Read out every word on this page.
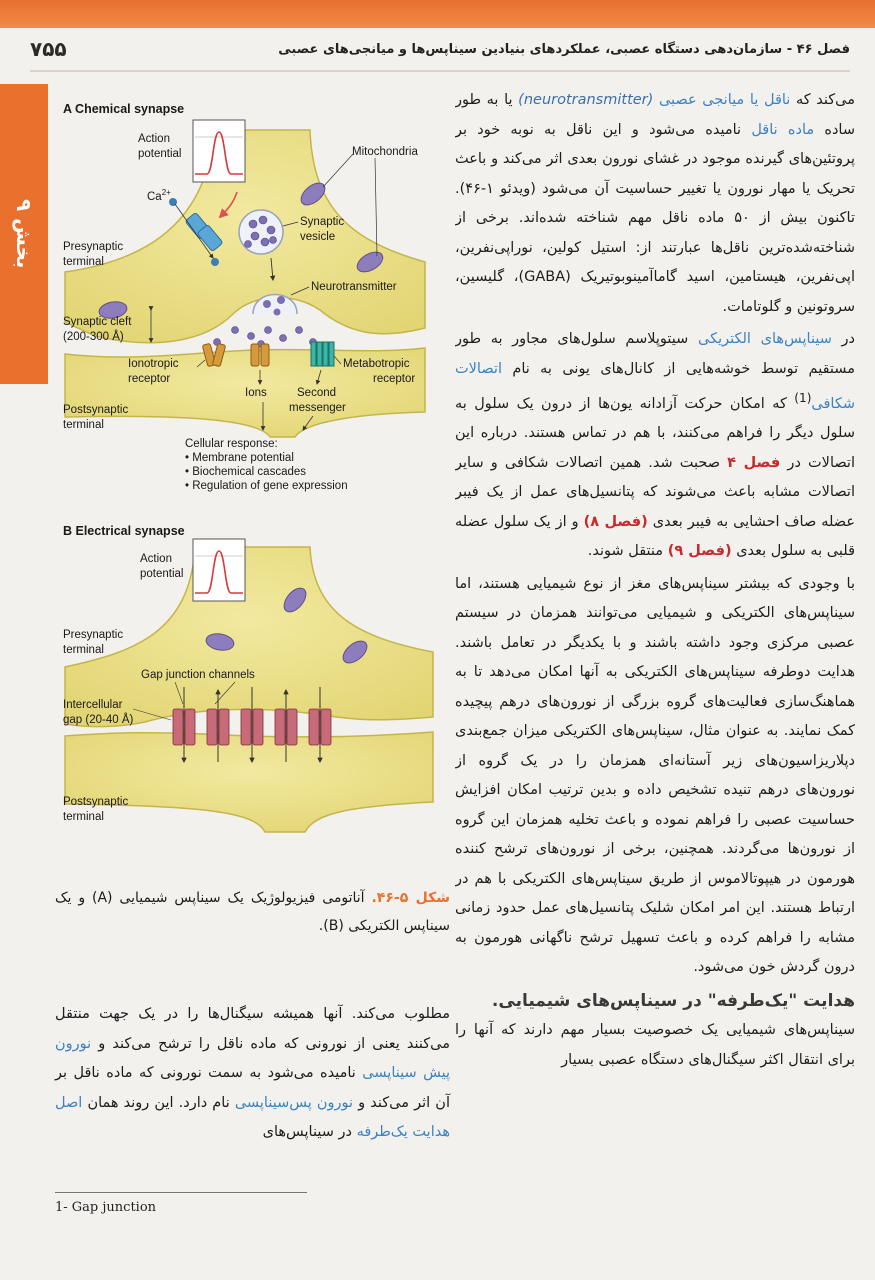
۷۵۵	فصل ۴۶ - سازمان‌دهی دستگاه عصبی، عملکردهای بنیادین سیناپس‌ها و میانجی‌های عصبی
بخش ۹
A Chemical synapse
Action
potential	Mitochondria
$Ca^{2+}$
Synaptic
vesicle
Neurotransmitter
Presynaptic
terminal
Synaptic cleft
(200-300 Å)
Ionotropic
receptor
Metabotropic
receptor
Ions	Second
messenger
Postsynaptic
terminal
Cellular response:
• Membrane potential
• Biochemical cascades
• Regulation of gene expression
B Electrical synapse
Action
potential
Presynaptic
terminal
Gap junction channels
Intercellular
gap (20-40 Å)
Postsynaptic
terminal
شکل ۵-۴۶. آناتومی فیزیولوژیک یک سیناپس شیمیایی (A) و یک سیناپس الکتریکی (B).

می‌کند که ناقل یا میانجی عصبی (neurotransmitter) یا به طور ساده ماده ناقل نامیده می‌شود و این ناقل به نوبه خود بر پروتئین‌های گیرنده‌ موجود در غشای نورون بعدی اثر می‌کند و باعث تحریک یا مهار نورون یا تغییر حساسیت آن می‌شود (ویدئو ۱-۴۶). تاکنون بیش از ۵۰ ماده ناقل مهم شناخته شده‌اند. برخی از شناخته‌شده‌ترین ناقل‌ها عبارتند از: استیل کولین، نوراپی‌نفرین، اپی‌نفرین، هیستامین، اسید گاماآمینوبوتیریک (GABA)، گلیسین، سروتونین و گلوتامات.

در سیناپس‌های الکتریکی سیتوپلاسم سلول‌های مجاور به طور مستقیم توسط خوشه‌هایی از کانال‌های یونی به نام اتصالات شکافی$^{(1)}$ که امکان حرکت آزادانه یون‌ها از درون یک سلول به سلول دیگر را فراهم می‌کنند، با هم در تماس هستند. درباره این اتصالات در فصل ۴ صحبت شد. همین اتصالات شکافی و سایر اتصالات مشابه باعث می‌شوند که پتانسیل‌های عمل از یک فیبر عضله صاف احشایی به فیبر بعدی (فصل ۸) و از یک سلول عضله قلبی به سلول بعدی (فصل ۹) منتقل شوند.

با وجودی که بیشتر سیناپس‌های مغز از نوع شیمیایی هستند، اما سیناپس‌های الکتریکی و شیمیایی می‌توانند همزمان در سیستم عصبی مرکزی وجود داشته باشند و با یکدیگر در تعامل باشند. هدایت دوطرفه سیناپس‌های الکتریکی به آنها امکان می‌دهد تا به هماهنگ‌سازی فعالیت‌های گروه بزرگی از نورون‌های درهم پیچیده کمک نمایند. به عنوان مثال، سیناپس‌های الکتریکی میزان جمع‌بندی دپلاریزاسیون‌های زیر آستانه‌ای همزمان را در یک گروه از نورون‌های درهم تنیده تشخیص داده و بدین ترتیب امکان افزایش حساسیت عصبی را فراهم نموده و باعث تخلیه همزمان این گروه از نورون‌ها می‌گردند. همچنین، برخی از نورون‌های ترشح کننده هورمون در هیپوتالاموس از طریق سیناپس‌های الکتریکی با هم در ارتباط هستند. این امر امکان شلیک پتانسیل‌های عمل حدود زمانی مشابه را فراهم کرده و باعث تسهیل ترشح ناگهانی هورمون به درون گردش خون می‌شود.

هدایت "یک‌طرفه" در سیناپس‌های شیمیایی.

سیناپس‌های شیمیایی یک خصوصیت بسیار مهم دارند که آنها را برای انتقال اکثر سیگنال‌های دستگاه عصبی بسیار

مطلوب می‌کند. آنها همیشه سیگنال‌ها را در یک جهت منتقل می‌کنند یعنی از نورونی که ماده ناقل را ترشح می‌کند و نورون پیش سیناپسی نامیده می‌شود به سمت نورونی که ماده ناقل بر آن اثر می‌کند و نورون پس‌سیناپسی نام دارد. این روند همان اصل هدایت یک‌طرفه در سیناپس‌های
1- Gap junction
